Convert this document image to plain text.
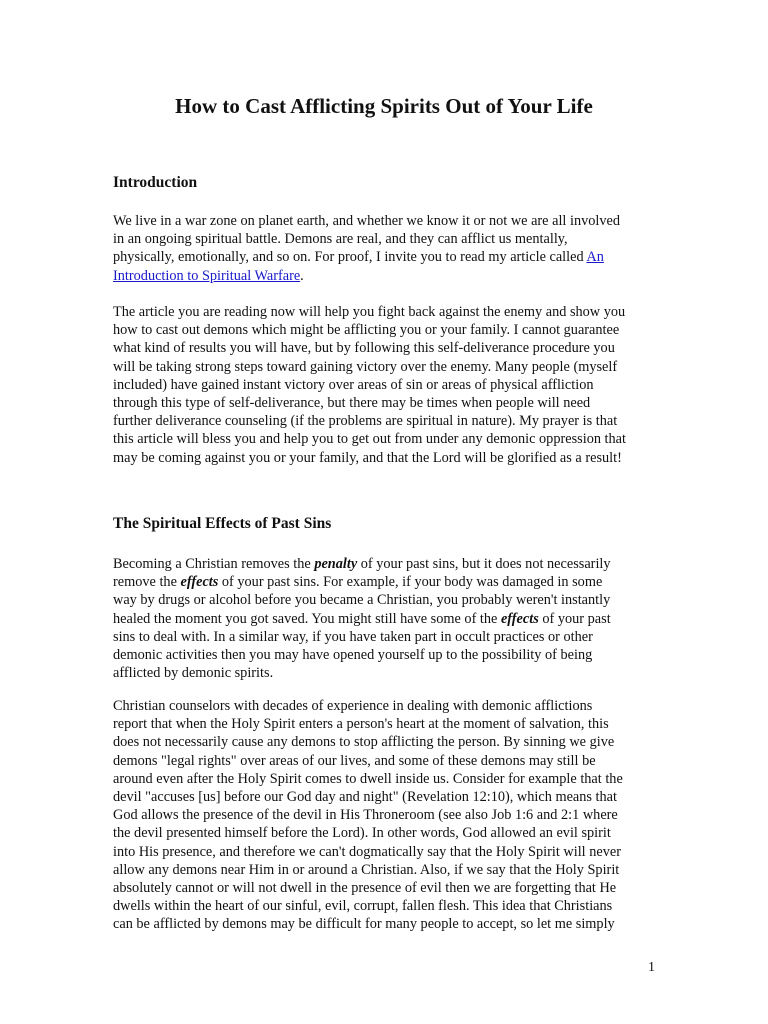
How to Cast Afflicting Spirits Out of Your Life
Introduction

We live in a war zone on planet earth, and whether we know it or not we are all involved
in an ongoing spiritual battle. Demons are real, and they can afflict us mentally,
physically, emotionally, and so on. For proof, I invite you to read my article called An
Introduction to Spiritual Warfare.

The article you are reading now will help you fight back against the enemy and show you
how to cast out demons which might be afflicting you or your family. I cannot guarantee
what kind of results you will have, but by following this self-deliverance procedure you
will be taking strong steps toward gaining victory over the enemy. Many people (myself
included) have gained instant victory over areas of sin or areas of physical affliction
through this type of self-deliverance, but there may be times when people will need
further deliverance counseling (if the problems are spiritual in nature). My prayer is that
this article will bless you and help you to get out from under any demonic oppression that
may be coming against you or your family, and that the Lord will be glorified as a result!

The Spiritual Effects of Past Sins

Becoming a Christian removes the penalty of your past sins, but it does not necessarily
remove the effects of your past sins. For example, if your body was damaged in some
way by drugs or alcohol before you became a Christian, you probably weren't instantly
healed the moment you got saved. You might still have some of the effects of your past
sins to deal with. In a similar way, if you have taken part in occult practices or other
demonic activities then you may have opened yourself up to the possibility of being
afflicted by demonic spirits.

Christian counselors with decades of experience in dealing with demonic afflictions
report that when the Holy Spirit enters a person's heart at the moment of salvation, this
does not necessarily cause any demons to stop afflicting the person. By sinning we give
demons "legal rights" over areas of our lives, and some of these demons may still be
around even after the Holy Spirit comes to dwell inside us. Consider for example that the
devil "accuses [us] before our God day and night" (Revelation 12:10), which means that
God allows the presence of the devil in His Throneroom (see also Job 1:6 and 2:1 where
the devil presented himself before the Lord). In other words, God allowed an evil spirit
into His presence, and therefore we can't dogmatically say that the Holy Spirit will never
allow any demons near Him in or around a Christian. Also, if we say that the Holy Spirit
absolutely cannot or will not dwell in the presence of evil then we are forgetting that He
dwells within the heart of our sinful, evil, corrupt, fallen flesh. This idea that Christians
can be afflicted by demons may be difficult for many people to accept, so let me simply

1
